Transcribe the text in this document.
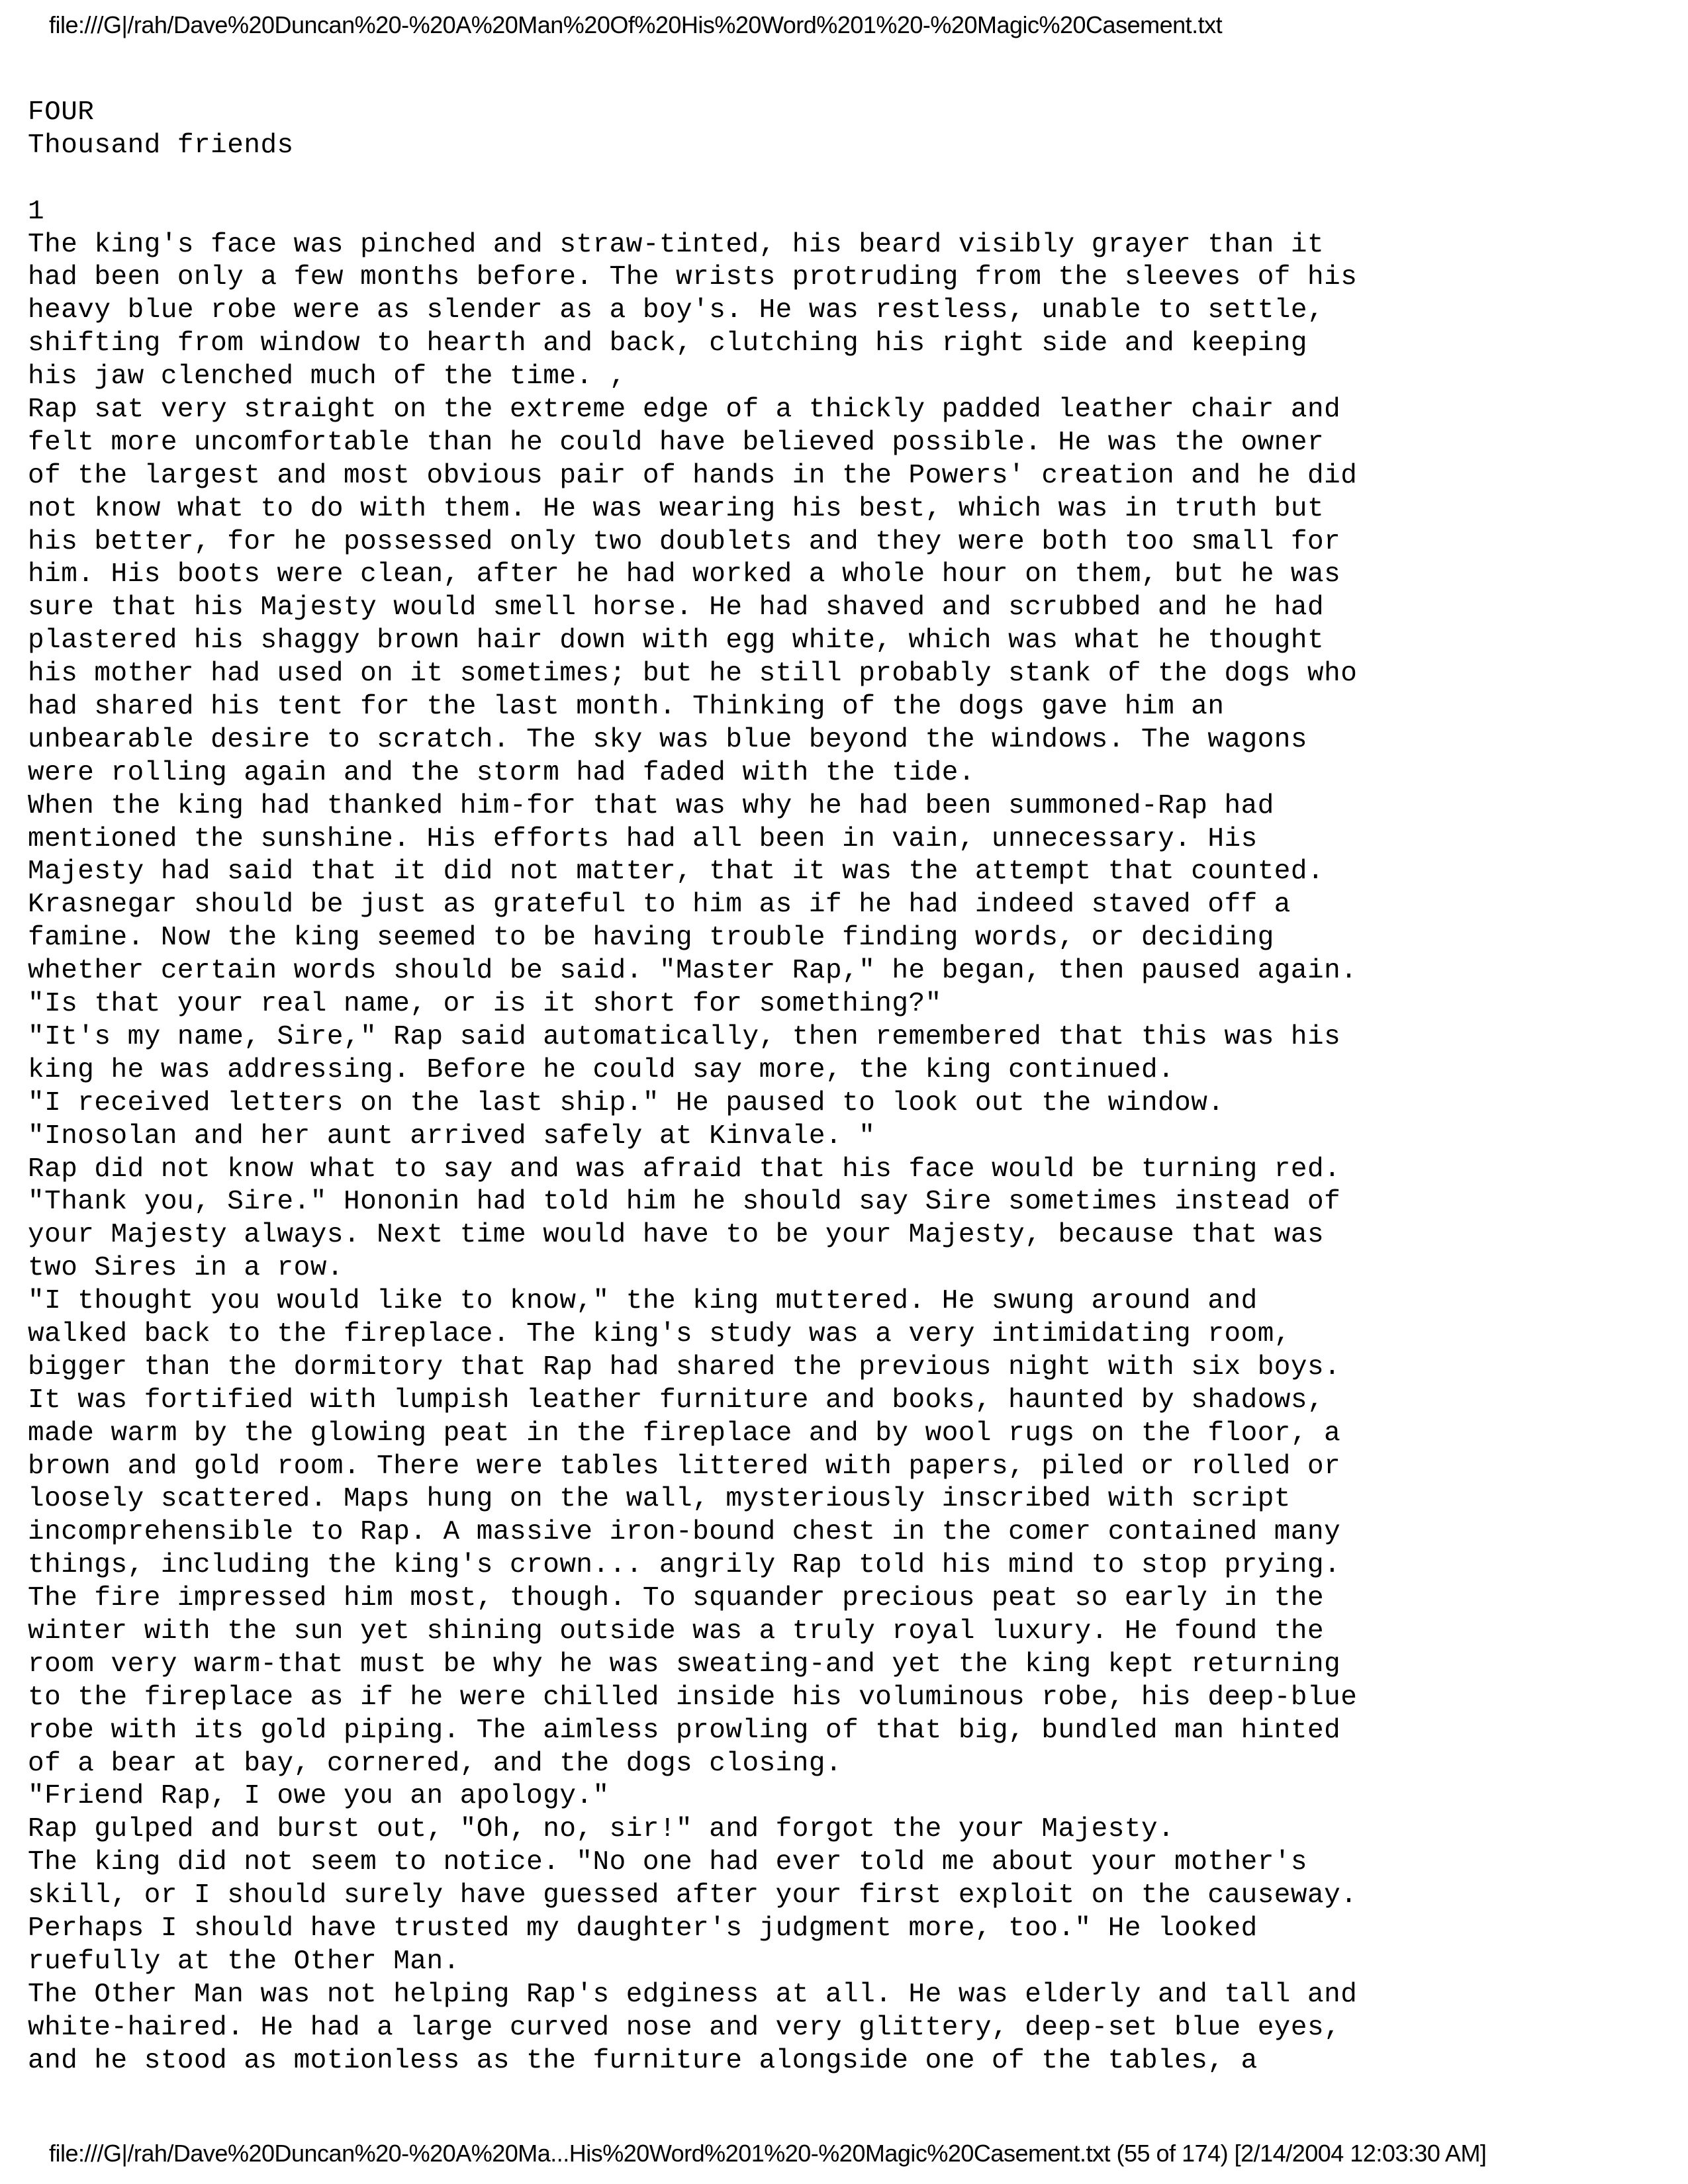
file:///G|/rah/Dave%20Duncan%20-%20A%20Man%20Of%20His%20Word%201%20-%20Magic%20Casement.txt
FOUR
Thousand friends
1
The king's face was pinched and straw-tinted, his beard visibly grayer than it
had been only a few months before. The wrists protruding from the sleeves of his
heavy blue robe were as slender as a boy's. He was restless, unable to settle,
shifting from window to hearth and back, clutching his right side and keeping
his jaw clenched much of the time. ,
Rap sat very straight on the extreme edge of a thickly padded leather chair and
felt more uncomfortable than he could have believed possible. He was the owner
of the largest and most obvious pair of hands in the Powers' creation and he did
not know what to do with them. He was wearing his best, which was in truth but
his better, for he possessed only two doublets and they were both too small for
him. His boots were clean, after he had worked a whole hour on them, but he was
sure that his Majesty would smell horse. He had shaved and scrubbed and he had
plastered his shaggy brown hair down with egg white, which was what he thought
his mother had used on it sometimes; but he still probably stank of the dogs who
had shared his tent for the last month. Thinking of the dogs gave him an
unbearable desire to scratch. The sky was blue beyond the windows. The wagons
were rolling again and the storm had faded with the tide.
When the king had thanked him-for that was why he had been summoned-Rap had
mentioned the sunshine. His efforts had all been in vain, unnecessary. His
Majesty had said that it did not matter, that it was the attempt that counted.
Krasnegar should be just as grateful to him as if he had indeed staved off a
famine. Now the king seemed to be having trouble finding words, or deciding
whether certain words should be said. "Master Rap," he began, then paused again.
"Is that your real name, or is it short for something?"
"It's my name, Sire," Rap said automatically, then remembered that this was his
king he was addressing. Before he could say more, the king continued.
"I received letters on the last ship." He paused to look out the window.
"Inosolan and her aunt arrived safely at Kinvale. "
Rap did not know what to say and was afraid that his face would be turning red.
"Thank you, Sire." Hononin had told him he should say Sire sometimes instead of
your Majesty always. Next time would have to be your Majesty, because that was
two Sires in a row.
"I thought you would like to know," the king muttered. He swung around and
walked back to the fireplace. The king's study was a very intimidating room,
bigger than the dormitory that Rap had shared the previous night with six boys.
It was fortified with lumpish leather furniture and books, haunted by shadows,
made warm by the glowing peat in the fireplace and by wool rugs on the floor, a
brown and gold room. There were tables littered with papers, piled or rolled or
loosely scattered. Maps hung on the wall, mysteriously inscribed with script
incomprehensible to Rap. A massive iron-bound chest in the comer contained many
things, including the king's crown... angrily Rap told his mind to stop prying.
The fire impressed him most, though. To squander precious peat so early in the
winter with the sun yet shining outside was a truly royal luxury. He found the
room very warm-that must be why he was sweating-and yet the king kept returning
to the fireplace as if he were chilled inside his voluminous robe, his deep-blue
robe with its gold piping. The aimless prowling of that big, bundled man hinted
of a bear at bay, cornered, and the dogs closing.
"Friend Rap, I owe you an apology."
Rap gulped and burst out, "Oh, no, sir!" and forgot the your Majesty.
The king did not seem to notice. "No one had ever told me about your mother's
skill, or I should surely have guessed after your first exploit on the causeway.
Perhaps I should have trusted my daughter's judgment more, too." He looked
ruefully at the Other Man.
The Other Man was not helping Rap's edginess at all. He was elderly and tall and
white-haired. He had a large curved nose and very glittery, deep-set blue eyes,
and he stood as motionless as the furniture alongside one of the tables, a
file:///G|/rah/Dave%20Duncan%20-%20A%20Ma...His%20Word%201%20-%20Magic%20Casement.txt (55 of 174) [2/14/2004 12:03:30 AM]
